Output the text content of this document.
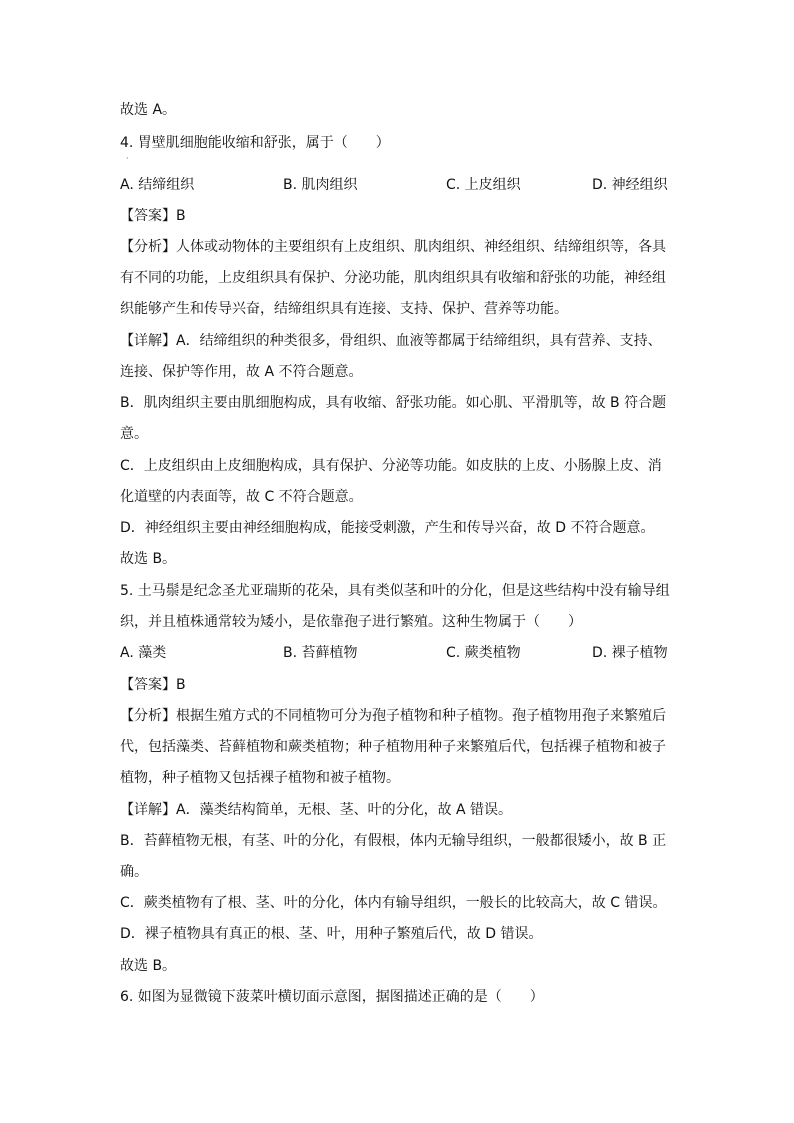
故选 A。
4. 胃壁肌细胞能收缩和舒张，属于（　　）
·
A. 结缔组织	B. 肌肉组织	C. 上皮组织	D. 神经组织
【答案】B
【分析】人体或动物体的主要组织有上皮组织、肌肉组织、神经组织、结缔组织等，各具
有不同的功能，上皮组织具有保护、分泌功能，肌肉组织具有收缩和舒张的功能，神经组
织能够产生和传导兴奋，结缔组织具有连接、支持、保护、营养等功能。
【详解】A．结缔组织的种类很多，骨组织、血液等都属于结缔组织，具有营养、支持、
连接、保护等作用，故 A 不符合题意。
B．肌肉组织主要由肌细胞构成，具有收缩、舒张功能。如心肌、平滑肌等，故 B 符合题
意。
C．上皮组织由上皮细胞构成，具有保护、分泌等功能。如皮肤的上皮、小肠腺上皮、消
化道壁的内表面等，故 C 不符合题意。
D．神经组织主要由神经细胞构成，能接受刺激，产生和传导兴奋，故 D 不符合题意。
故选 B。
5. 土马鬃是纪念圣尤亚瑞斯的花朵，具有类似茎和叶的分化，但是这些结构中没有输导组
织，并且植株通常较为矮小，是依靠孢子进行繁殖。这种生物属于（　　）
A. 藻类	B. 苔藓植物	C. 蕨类植物	D. 裸子植物
【答案】B
【分析】根据生殖方式的不同植物可分为孢子植物和种子植物。孢子植物用孢子来繁殖后
代，包括藻类、苔藓植物和蕨类植物；种子植物用种子来繁殖后代，包括裸子植物和被子
植物，种子植物又包括裸子植物和被子植物。
【详解】A．藻类结构简单，无根、茎、叶的分化，故 A 错误。
B．苔藓植物无根，有茎、叶的分化，有假根，体内无输导组织，一般都很矮小，故 B 正
确。
C．蕨类植物有了根、茎、叶的分化，体内有输导组织，一般长的比较高大，故 C 错误。
D．裸子植物具有真正的根、茎、叶，用种子繁殖后代，故 D 错误。
故选 B。
6. 如图为显微镜下菠菜叶横切面示意图，据图描述正确的是（　　）
